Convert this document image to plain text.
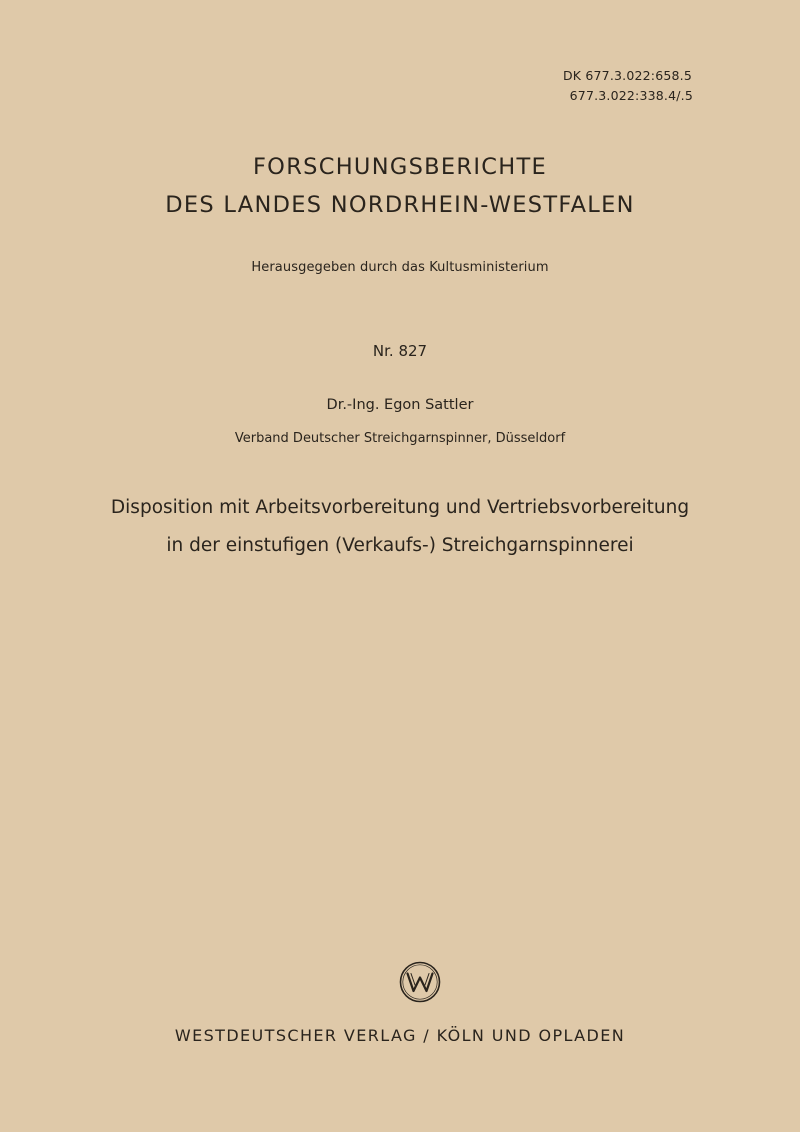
DK 677.3.022:658.5
677.3.022:338.4/.5
FORSCHUNGSBERICHTE
DES LANDES NORDRHEIN-WESTFALEN
Herausgegeben durch das Kultusministerium
Nr. 827
Dr.-Ing. Egon Sattler
Verband Deutscher Streichgarnspinner, Düsseldorf
Disposition mit Arbeitsvorbereitung und Vertriebsvorbereitung
in der einstufigen (Verkaufs-) Streichgarnspinnerei
WESTDEUTSCHER VERLAG / KÖLN UND OPLADEN
